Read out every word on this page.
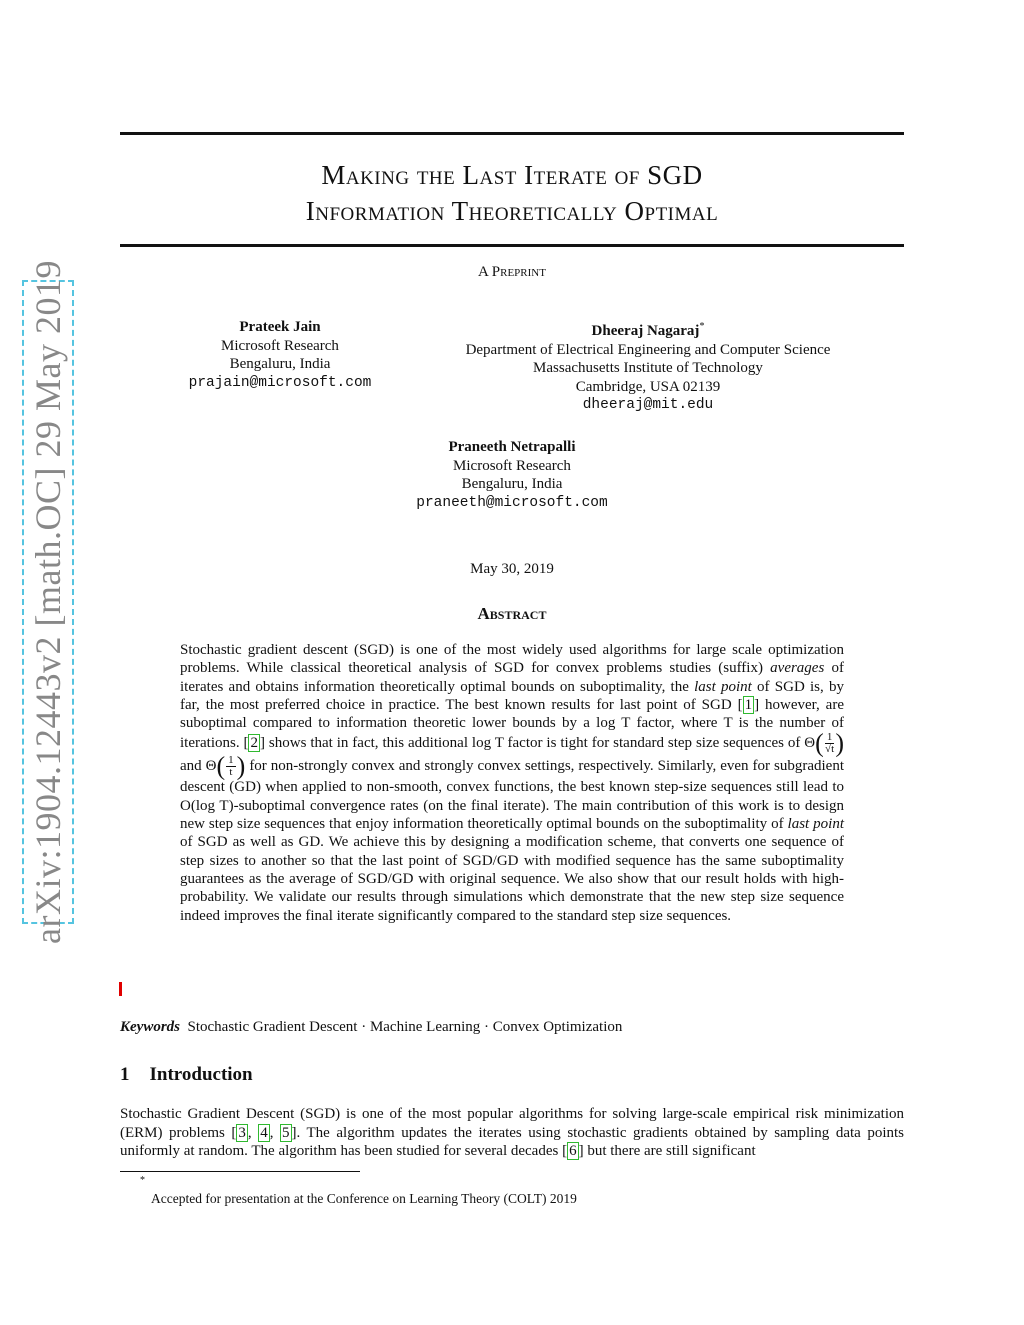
arXiv:1904.12443v2 [math.OC] 29 May 2019
Making the Last Iterate of SGD
Information Theoretically Optimal
A Preprint
Prateek Jain
Microsoft Research
Bengaluru, India
prajain@microsoft.com
Dheeraj Nagaraj*
Department of Electrical Engineering and Computer Science
Massachusetts Institute of Technology
Cambridge, USA 02139
dheeraj@mit.edu
Praneeth Netrapalli
Microsoft Research
Bengaluru, India
praneeth@microsoft.com
May 30, 2019
Abstract

Stochastic gradient descent (SGD) is one of the most widely used algorithms for large scale optimization problems. While classical theoretical analysis of SGD for convex problems studies (suffix) averages of iterates and obtains information theoretically optimal bounds on suboptimality, the last point of SGD is, by far, the most preferred choice in practice. The best known results for last point of SGD [ 1 ] however, are suboptimal compared to information theoretic lower bounds by a log T factor, where T is the number of iterations. [ 2 ] shows that in fact, this additional log T factor is tight for standard step size sequences of $\Theta( \frac{1}{√t}$ ) and $\Theta( \frac{1}{t}$ ) for non-strongly convex and strongly convex settings, respectively. Similarly, even for subgradient descent (GD) when applied to non-smooth, convex functions, the best known step-size sequences still lead to O(log T)-suboptimal convergence rates (on the final iterate). The main contribution of this work is to design new step size sequences that enjoy information theoretically optimal bounds on the suboptimality of last point of SGD as well as GD. We achieve this by designing a modification scheme, that converts one sequence of step sizes to another so that the last point of SGD/GD with modified sequence has the same suboptimality guarantees as the average of SGD/GD with original sequence. We also show that our result holds with high-probability. We validate our results through simulations which demonstrate that the new step size sequence indeed improves the final iterate significantly compared to the standard step size sequences.

Keywords Stochastic Gradient Descent · Machine Learning · Convex Optimization
1 Introduction
Stochastic Gradient Descent (SGD) is one of the most popular algorithms for solving large-scale empirical risk minimization (ERM) problems [ 3 , 4 , 5 ]. The algorithm updates the iterates using stochastic gradients obtained by sampling data points uniformly at random. The algorithm has been studied for several decades [ 6 ] but there are still significant
*
Accepted for presentation at the Conference on Learning Theory (COLT) 2019
